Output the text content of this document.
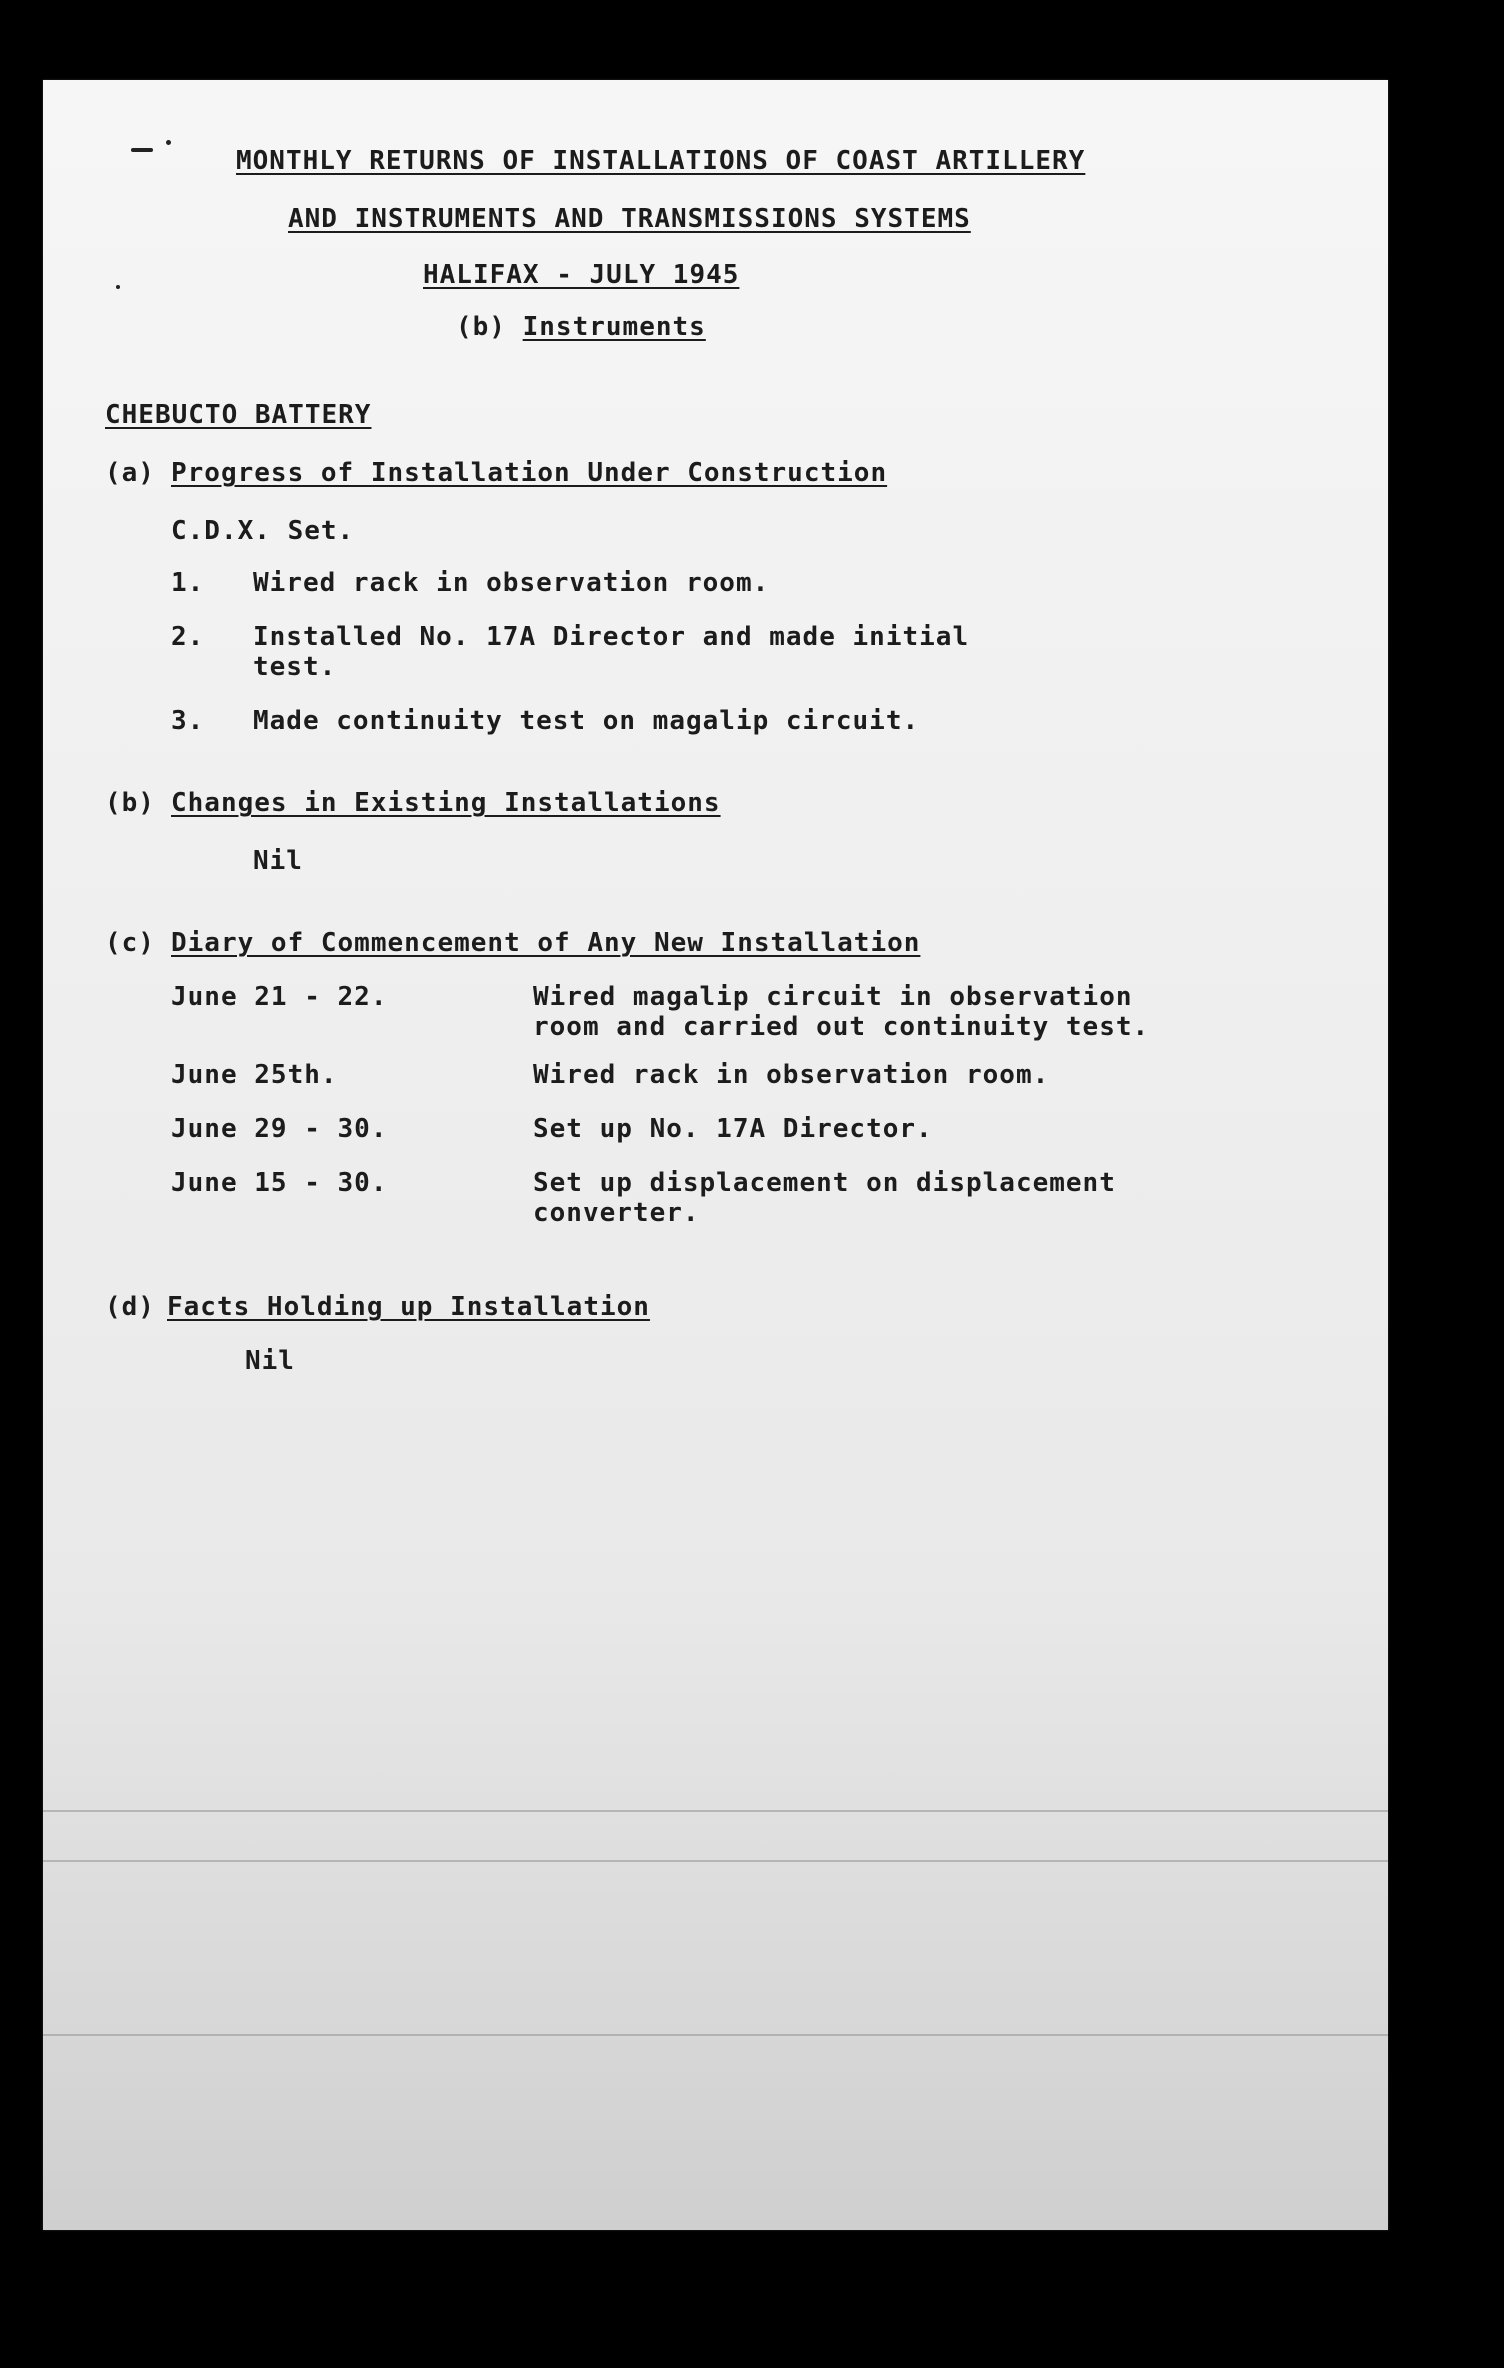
MONTHLY RETURNS OF INSTALLATIONS OF COAST ARTILLERY
AND INSTRUMENTS AND TRANSMISSIONS SYSTEMS
HALIFAX - JULY 1945
(b) Instruments
CHEBUCTO BATTERY
(a) Progress of Installation Under Construction
C.D.X. Set.
1. Wired rack in observation room.
2. Installed No. 17A Director and made initial test.
3. Made continuity test on magalip circuit.
(b) Changes in Existing Installations
Nil
(c) Diary of Commencement of Any New Installation
June 21 - 22.	Wired magalip circuit in observation room and carried out continuity test.
June 25th.	Wired rack in observation room.
June 29 - 30.	Set up No. 17A Director.
June 15 - 30.	Set up displacement on displacement converter.
(d) Facts Holding up Installation
Nil
